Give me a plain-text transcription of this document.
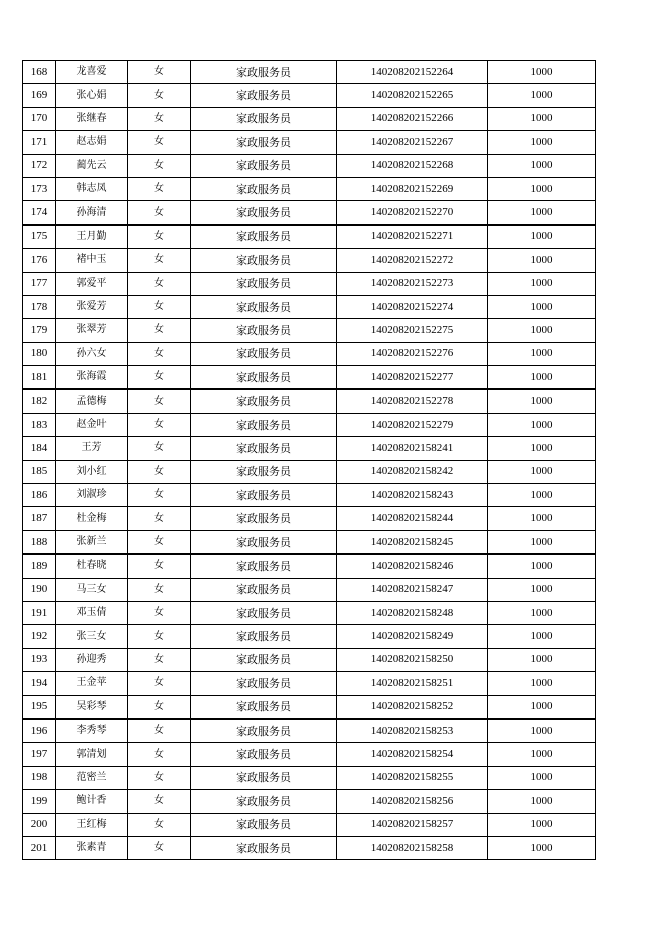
168	龙喜爱	女	家政服务员	140208202152264	1000
169	张心娟	女	家政服务员	140208202152265	1000
170	张继春	女	家政服务员	140208202152266	1000
171	赵志娟	女	家政服务员	140208202152267	1000
172	蔺先云	女	家政服务员	140208202152268	1000
173	韩志凤	女	家政服务员	140208202152269	1000
174	孙海清	女	家政服务员	140208202152270	1000
175	王月勤	女	家政服务员	140208202152271	1000
176	褚中玉	女	家政服务员	140208202152272	1000
177	郭爱平	女	家政服务员	140208202152273	1000
178	张爱芳	女	家政服务员	140208202152274	1000
179	张翠芳	女	家政服务员	140208202152275	1000
180	孙六女	女	家政服务员	140208202152276	1000
181	张海霞	女	家政服务员	140208202152277	1000
182	孟德梅	女	家政服务员	140208202152278	1000
183	赵金叶	女	家政服务员	140208202152279	1000
184	王芳	女	家政服务员	140208202158241	1000
185	刘小红	女	家政服务员	140208202158242	1000
186	刘淑珍	女	家政服务员	140208202158243	1000
187	杜金梅	女	家政服务员	140208202158244	1000
188	张新兰	女	家政服务员	140208202158245	1000
189	杜春晓	女	家政服务员	140208202158246	1000
190	马三女	女	家政服务员	140208202158247	1000
191	邓玉倩	女	家政服务员	140208202158248	1000
192	张三女	女	家政服务员	140208202158249	1000
193	孙迎秀	女	家政服务员	140208202158250	1000
194	王金苹	女	家政服务员	140208202158251	1000
195	吴彩琴	女	家政服务员	140208202158252	1000
196	李秀琴	女	家政服务员	140208202158253	1000
197	郭清划	女	家政服务员	140208202158254	1000
198	范密兰	女	家政服务员	140208202158255	1000
199	鲍计香	女	家政服务员	140208202158256	1000
200	王红梅	女	家政服务员	140208202158257	1000
201	张素青	女	家政服务员	140208202158258	1000
